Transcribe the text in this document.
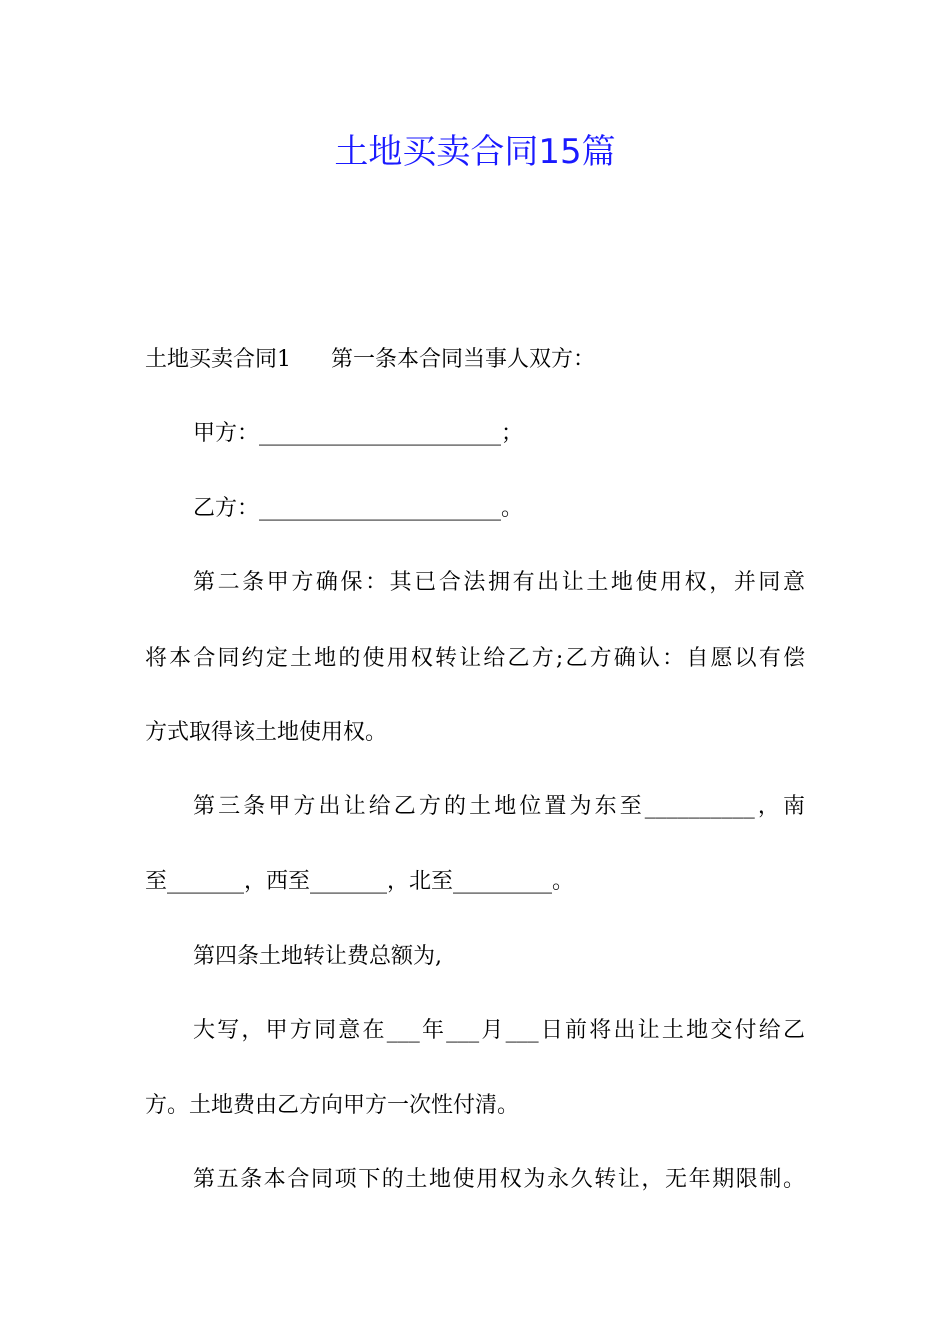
土地买卖合同15篇
土地买卖合同1 第一条本合同当事人双方：
甲方：______________________；
乙方：______________________。
第二条甲方确保：其已合法拥有出让土地使用权，并同意
将本合同约定土地的使用权转让给乙方;乙方确认：自愿以有偿
方式取得该土地使用权。
第三条甲方出让给乙方的土地位置为东至__________，南
至_______，西至_______，北至_________。
第四条土地转让费总额为,
大写，甲方同意在___年___月___日前将出让土地交付给乙
方。土地费由乙方向甲方一次性付清。
第五条本合同项下的土地使用权为永久转让，无年期限制。
